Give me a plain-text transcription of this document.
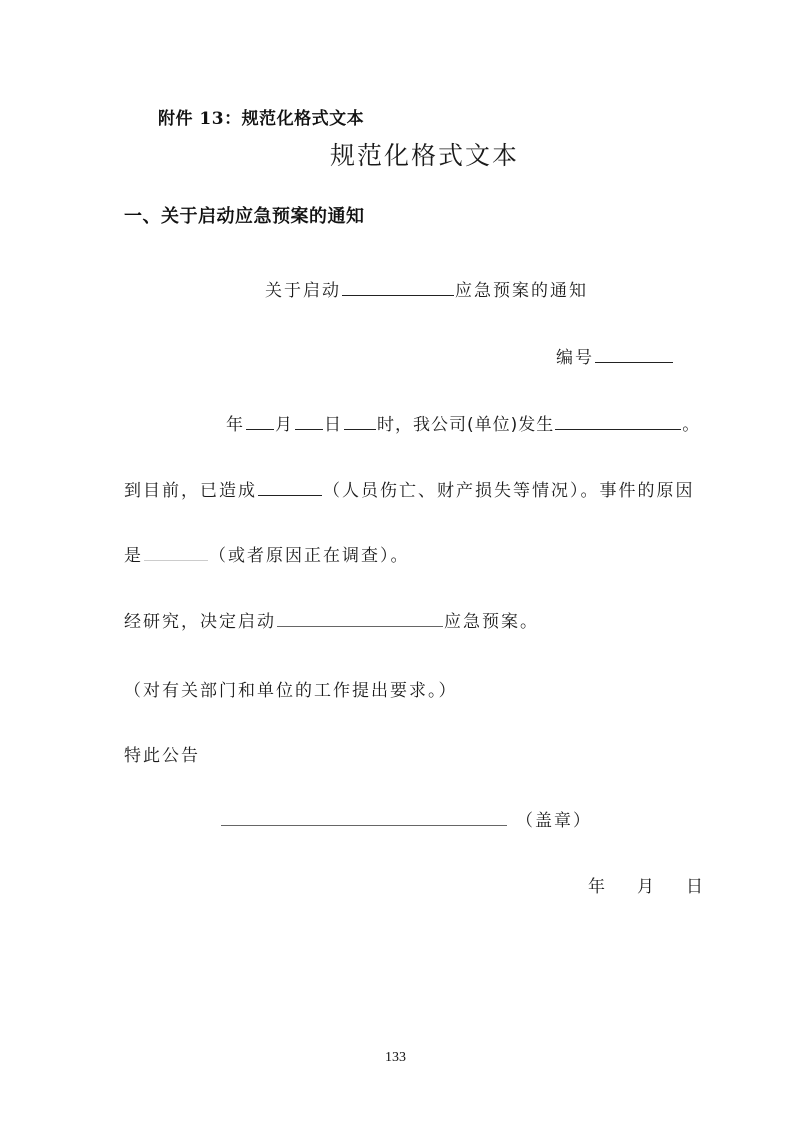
附件 13：规范化格式文本
规范化格式文本
一、关于启动应急预案的通知
关于启动	应急预案的通知
编号
年 月 日 时，我公司(单位)发生	。
到目前，已造成	（人员伤亡、财产损失等情况）。事件的原因
是	（或者原因正在调查）。
经研究，决定启动	应急预案。
（对有关部门和单位的工作提出要求。）
特此公告
（盖章）
年 月 日
133
